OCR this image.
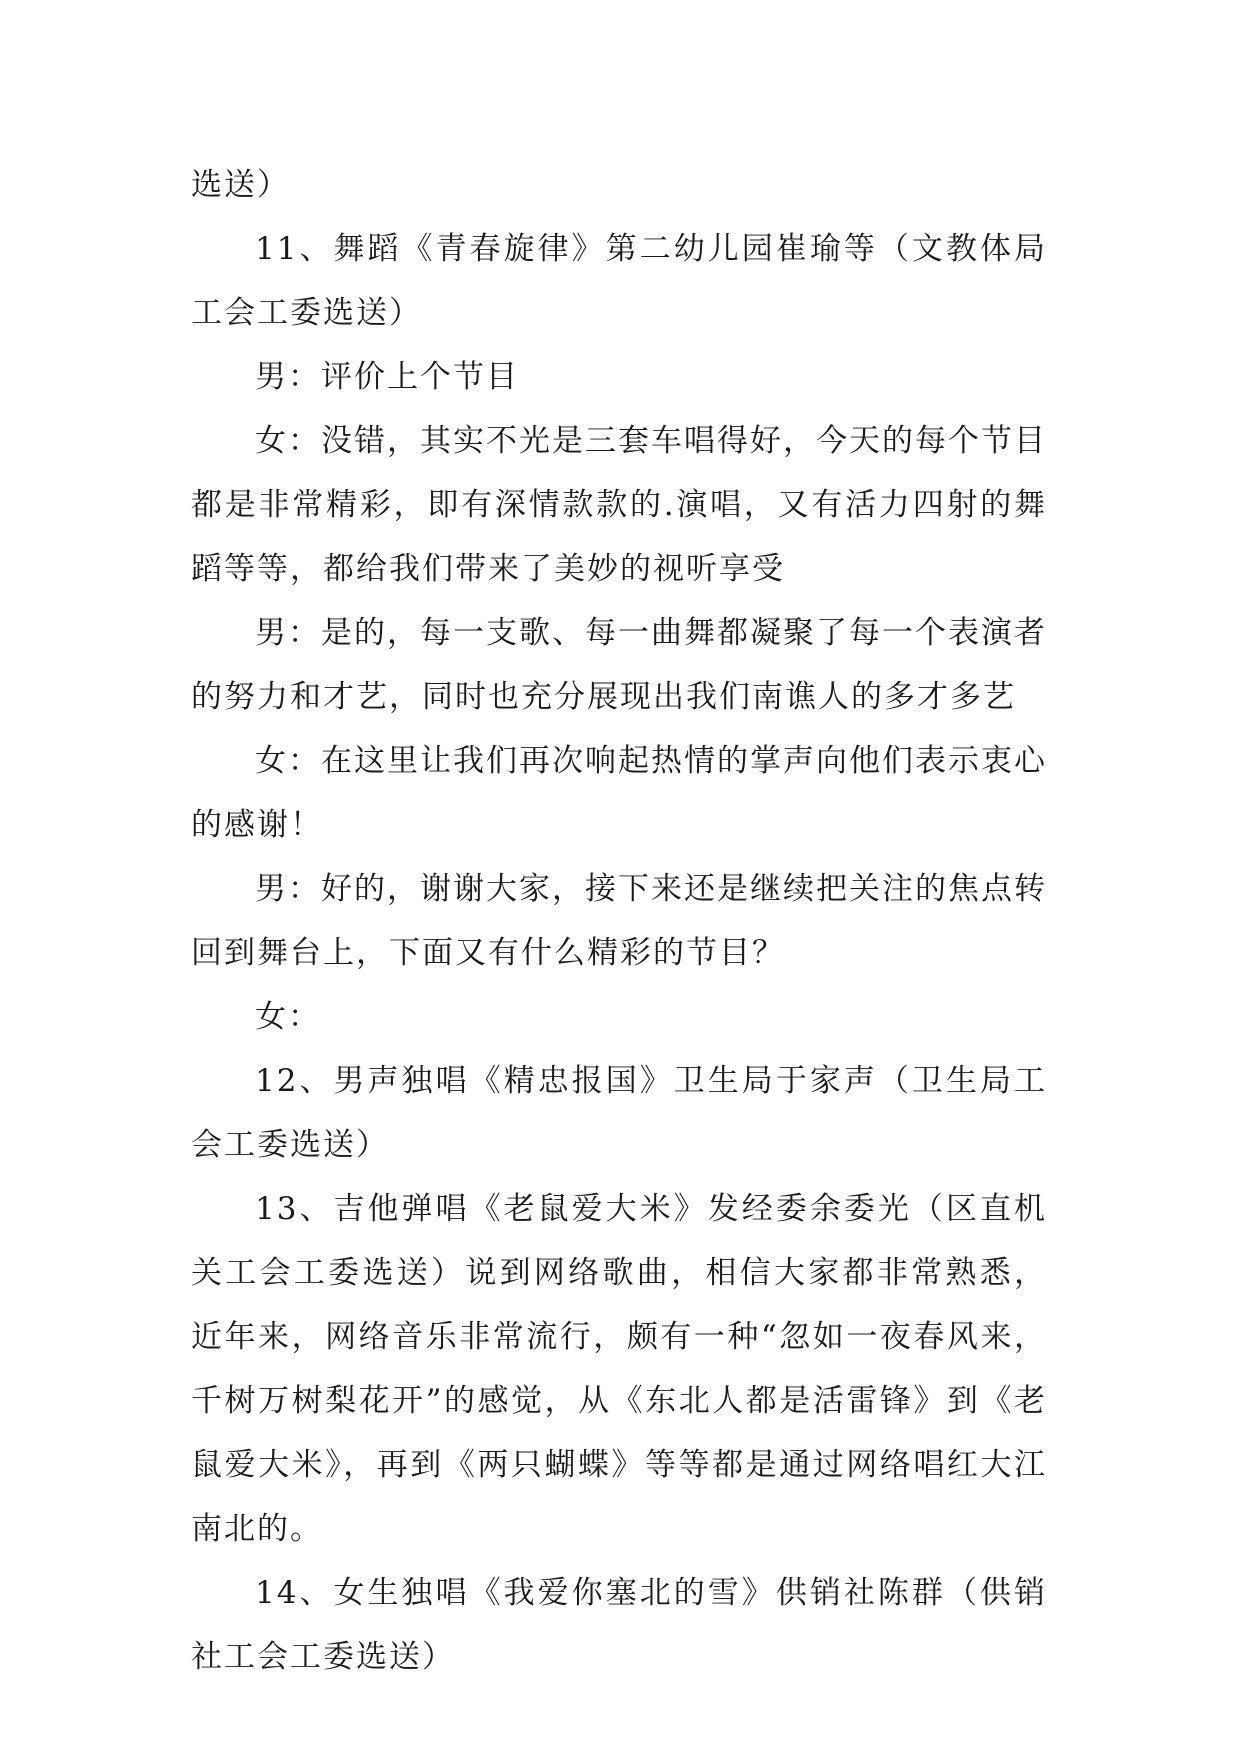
选送）

11、舞蹈《青春旋律》第二幼儿园崔瑜等（文教体局工会工委选送）

男：评价上个节目

女：没错，其实不光是三套车唱得好，今天的每个节目都是非常精彩，即有深情款款的.演唱，又有活力四射的舞蹈等等，都给我们带来了美妙的视听享受

男：是的，每一支歌、每一曲舞都凝聚了每一个表演者的努力和才艺，同时也充分展现出我们南谯人的多才多艺

女：在这里让我们再次响起热情的掌声向他们表示衷心的感谢！

男：好的，谢谢大家，接下来还是继续把关注的焦点转回到舞台上，下面又有什么精彩的节目？

女：

12、男声独唱《精忠报国》卫生局于家声（卫生局工会工委选送）

13、吉他弹唱《老鼠爱大米》发经委余委光（区直机关工会工委选送）说到网络歌曲，相信大家都非常熟悉，近年来，网络音乐非常流行，颇有一种“忽如一夜春风来，千树万树梨花开”的感觉，从《东北人都是活雷锋》到《老鼠爱大米》，再到《两只蝴蝶》等等都是通过网络唱红大江南北的。

14、女生独唱《我爱你塞北的雪》供销社陈群（供销社工会工委选送）
